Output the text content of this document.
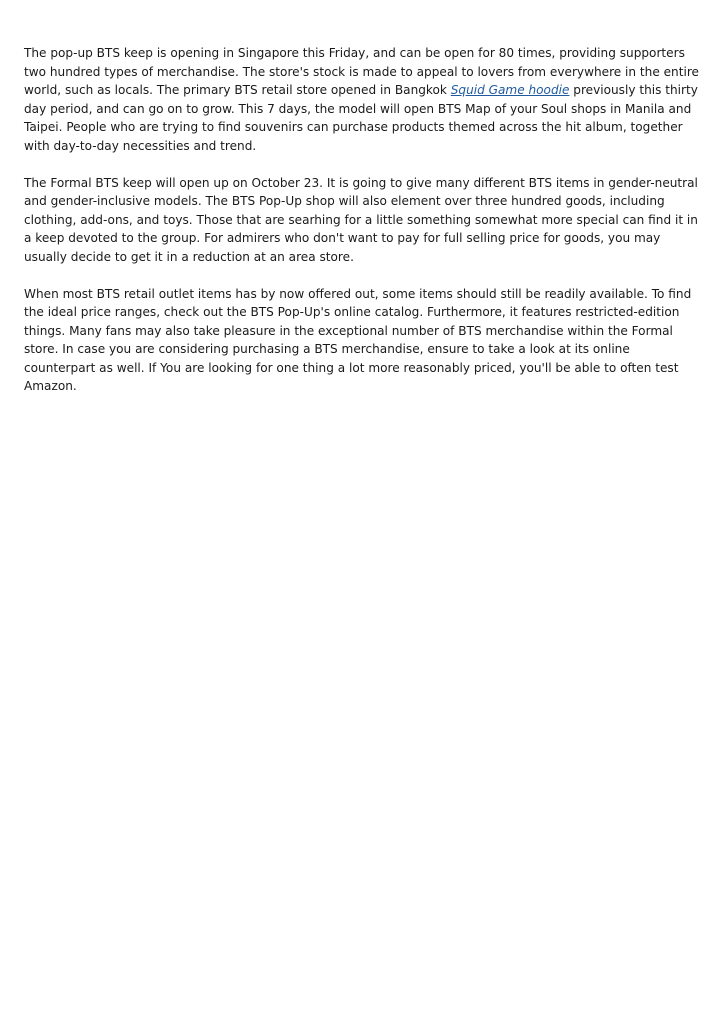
The pop-up BTS keep is opening in Singapore this Friday, and can be open for 80 times, providing supporters two hundred types of merchandise. The store's stock is made to appeal to lovers from everywhere in the entire world, such as locals. The primary BTS retail store opened in Bangkok Squid Game hoodie previously this thirty day period, and can go on to grow. This 7 days, the model will open BTS Map of your Soul shops in Manila and Taipei. People who are trying to find souvenirs can purchase products themed across the hit album, together with day-to-day necessities and trend.

The Formal BTS keep will open up on October 23. It is going to give many different BTS items in gender-neutral and gender-inclusive models. The BTS Pop-Up shop will also element over three hundred goods, including clothing, add-ons, and toys. Those that are searhing for a little something somewhat more special can find it in a keep devoted to the group. For admirers who don't want to pay for full selling price for goods, you may usually decide to get it in a reduction at an area store.

When most BTS retail outlet items has by now offered out, some items should still be readily available. To find the ideal price ranges, check out the BTS Pop-Up's online catalog. Furthermore, it features restricted-edition things. Many fans may also take pleasure in the exceptional number of BTS merchandise within the Formal store. In case you are considering purchasing a BTS merchandise, ensure to take a look at its online counterpart as well. If You are looking for one thing a lot more reasonably priced, you'll be able to often test Amazon.
